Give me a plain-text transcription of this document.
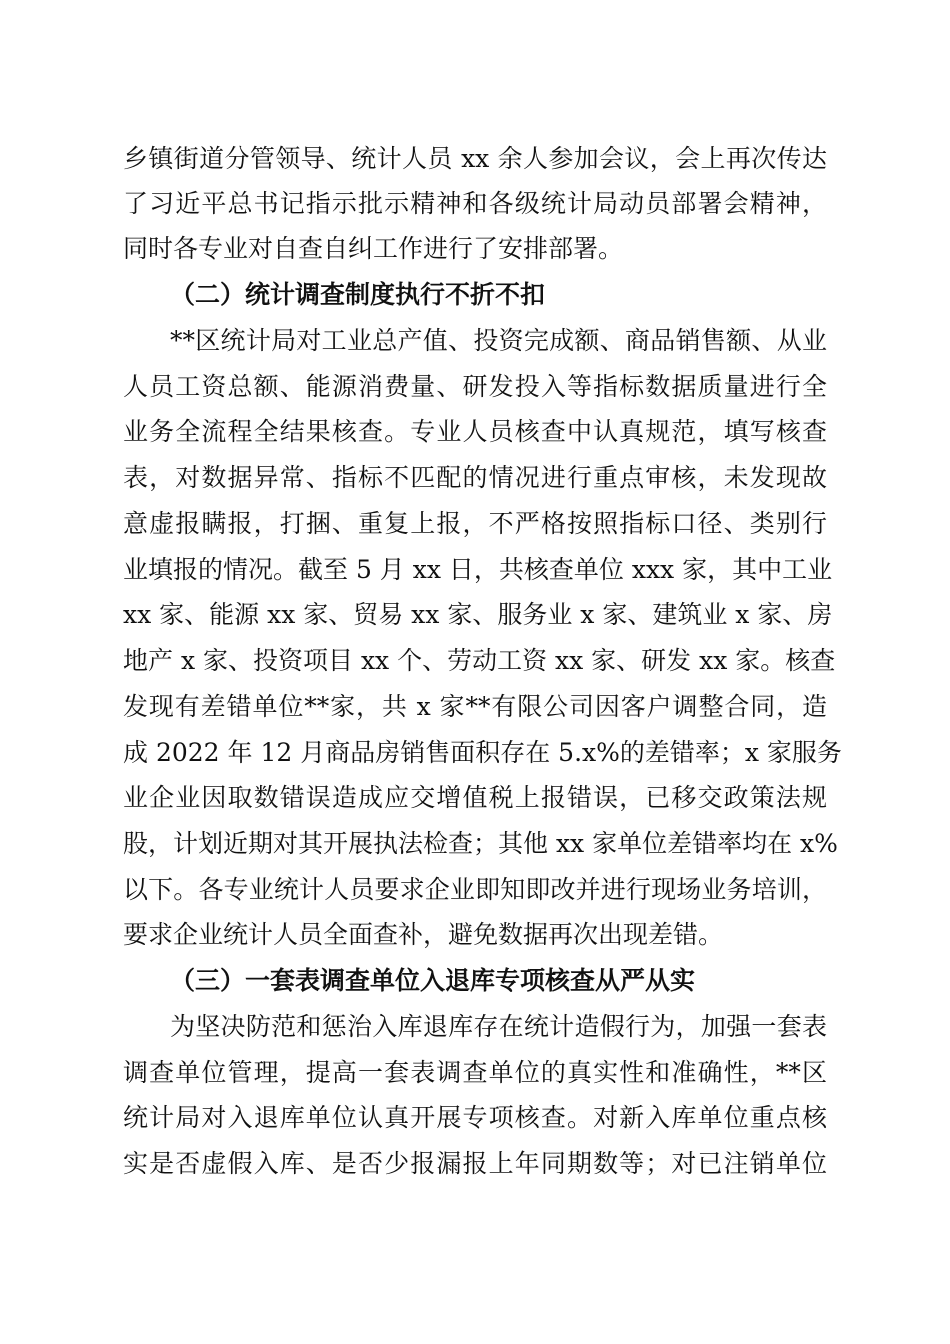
乡镇街道分管领导、统计人员 xx 余人参加会议，会上再次传达
了习近平总书记指示批示精神和各级统计局动员部署会精神，
同时各专业对自查自纠工作进行了安排部署。
（二）统计调查制度执行不折不扣
**区统计局对工业总产值、投资完成额、商品销售额、从业
人员工资总额、能源消费量、研发投入等指标数据质量进行全
业务全流程全结果核查。专业人员核查中认真规范，填写核查
表，对数据异常、指标不匹配的情况进行重点审核，未发现故
意虚报瞒报，打捆、重复上报，不严格按照指标口径、类别行
业填报的情况。截至 5 月 xx 日，共核查单位 xxx 家，其中工业
xx 家、能源 xx 家、贸易 xx 家、服务业 x 家、建筑业 x 家、房
地产 x 家、投资项目 xx 个、劳动工资 xx 家、研发 xx 家。核查
发现有差错单位**家，共 x 家**有限公司因客户调整合同，造
成 2022 年 12 月商品房销售面积存在 5.x%的差错率；x 家服务
业企业因取数错误造成应交增值税上报错误，已移交政策法规
股，计划近期对其开展执法检查；其他 xx 家单位差错率均在 x%
以下。各专业统计人员要求企业即知即改并进行现场业务培训，
要求企业统计人员全面查补，避免数据再次出现差错。
（三）一套表调查单位入退库专项核查从严从实
为坚决防范和惩治入库退库存在统计造假行为，加强一套表
调查单位管理，提高一套表调查单位的真实性和准确性，**区
统计局对入退库单位认真开展专项核查。对新入库单位重点核
实是否虚假入库、是否少报漏报上年同期数等；对已注销单位
